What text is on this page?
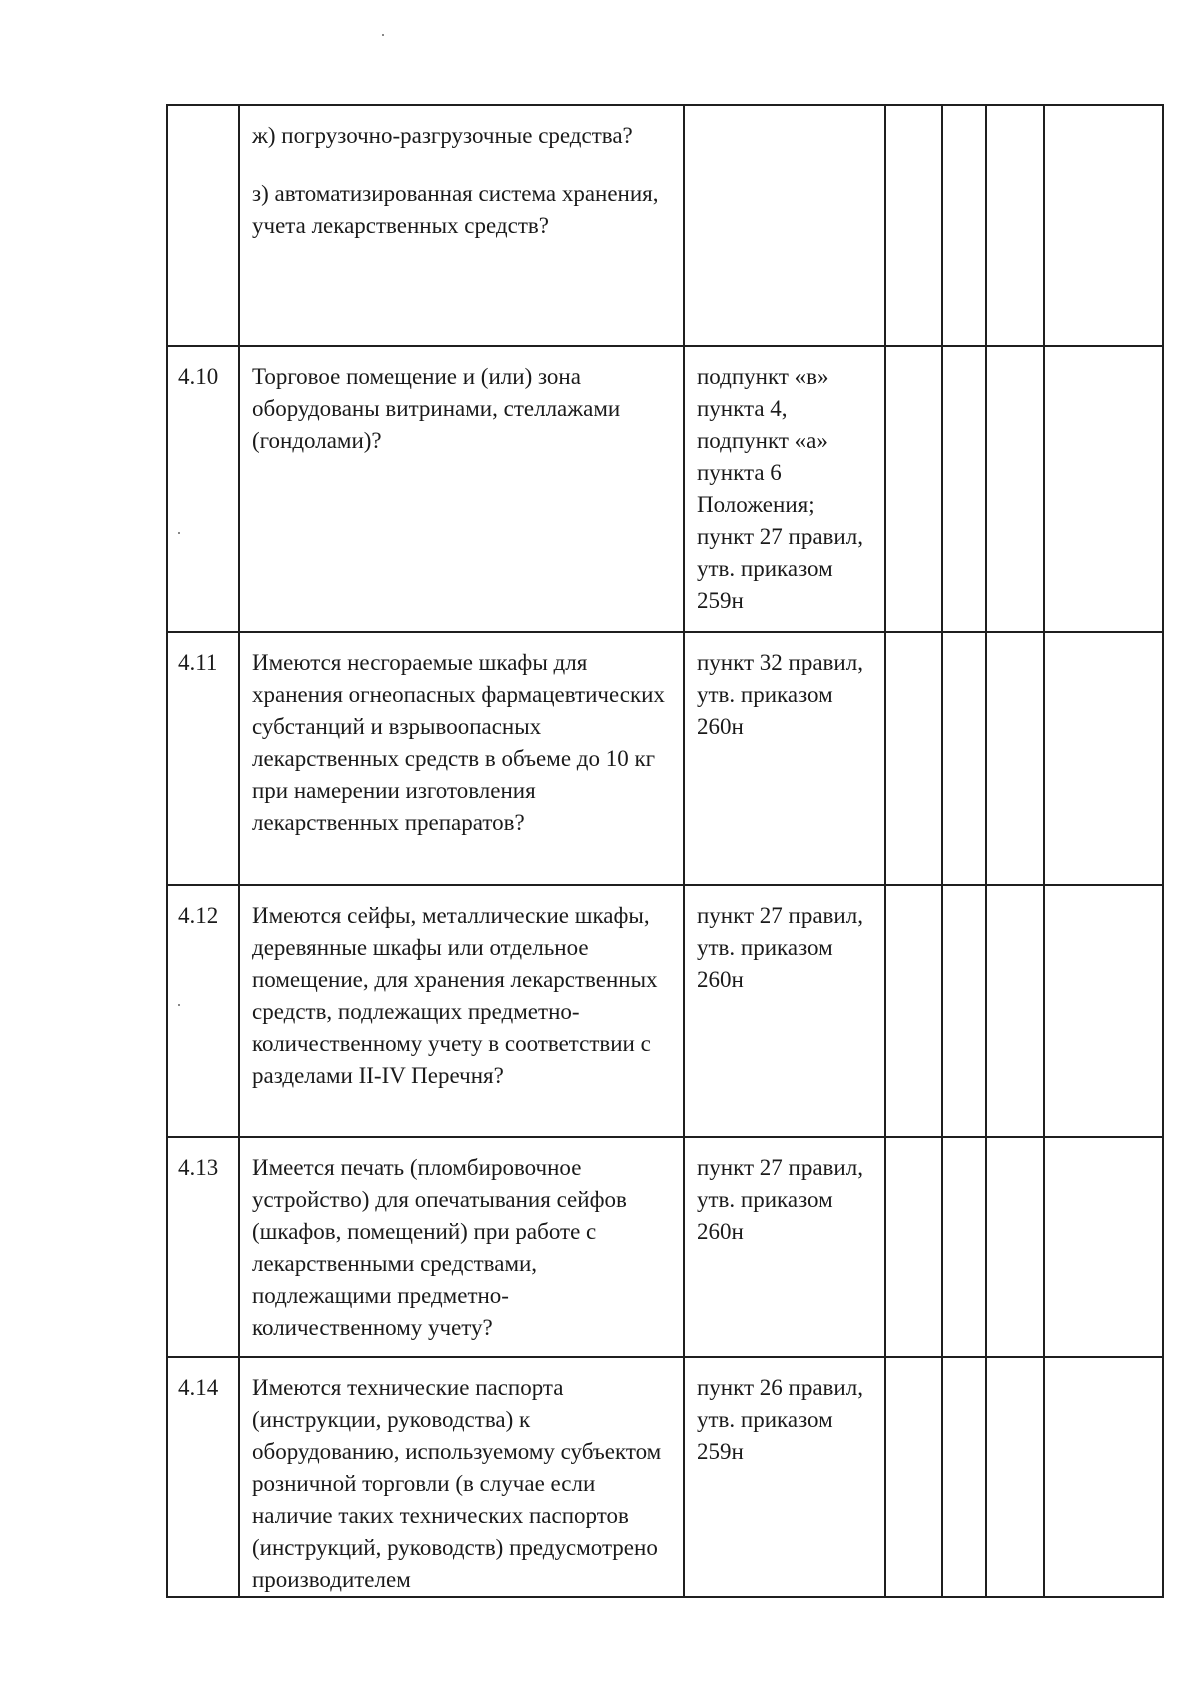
	ж) погрузочно-разгрузочные средства?
з) автоматизированная система хранения, учета лекарственных средств?					

4.10	Торговое помещение и (или) зона оборудованы витринами, стеллажами (гондолами)?	подпункт «в» пункта 4, подпункт «а» пункта 6 Положения; пункт 27 правил, утв. приказом 259н				
4.11	Имеются несгораемые шкафы для хранения огнеопасных фармацевтических субстанций и взрывоопасных лекарственных средств в объеме до 10 кг при намерении изготовления лекарственных препаратов?	пункт 32 правил, утв. приказом 260н				
4.12	Имеются сейфы, металлические шкафы, деревянные шкафы или отдельное помещение, для хранения лекарственных средств, подлежащих предметно-количественному учету в соответствии с разделами II-IV Перечня?	пункт 27 правил, утв. приказом 260н				
4.13	Имеется печать (пломбировочное устройство) для опечатывания сейфов (шкафов, помещений) при работе с лекарственными средствами, подлежащими предметно-количественному учету?	пункт 27 правил, утв. приказом 260н				
4.14	Имеются технические паспорта (инструкции, руководства) к оборудованию, используемому субъектом розничной торговли (в случае если наличие таких технических паспортов (инструкций, руководств) предусмотрено производителем	пункт 26 правил, утв. приказом 259н				
